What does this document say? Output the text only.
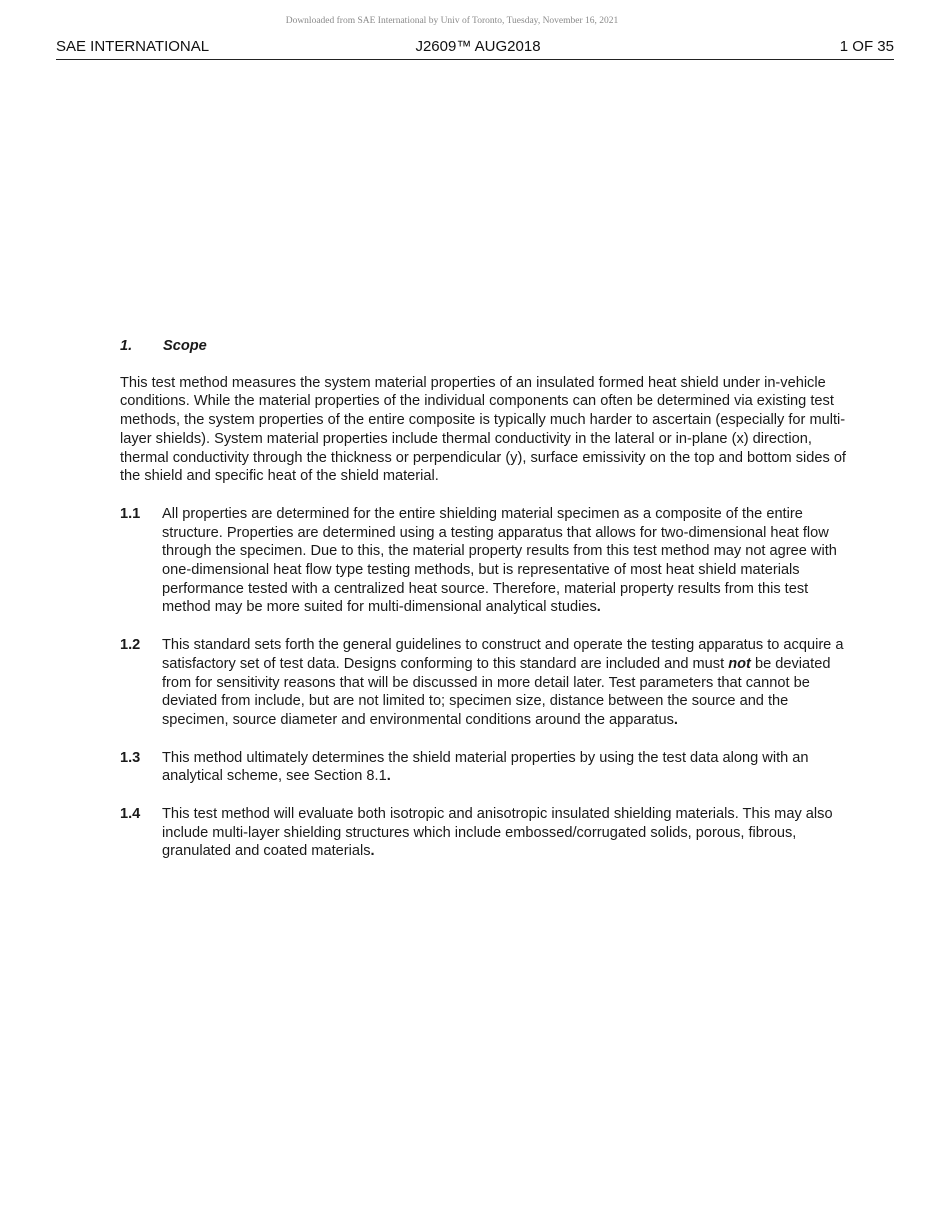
Downloaded from SAE International by Univ of Toronto, Tuesday, November 16, 2021
SAE INTERNATIONAL	J2609™ AUG2018	1 OF 35
1.	Scope

This test method measures the system material properties of an insulated formed heat shield under in-vehicle conditions. While the material properties of the individual components can often be determined via existing test methods, the system properties of the entire composite is typically much harder to ascertain (especially for multi-layer shields). System material properties include thermal conductivity in the lateral or in-plane (x) direction, thermal conductivity through the thickness or perpendicular (y), surface emissivity on the top and bottom sides of the shield and specific heat of the shield material.

1.1	All properties are determined for the entire shielding material specimen as a composite of the entire structure. Properties are determined using a testing apparatus that allows for two-dimensional heat flow through the specimen. Due to this, the material property results from this test method may not agree with one-dimensional heat flow type testing methods, but is representative of most heat shield materials performance tested with a centralized heat source. Therefore, material property results from this test method may be more suited for multi-dimensional analytical studies.
1.2	This standard sets forth the general guidelines to construct and operate the testing apparatus to acquire a satisfactory set of test data. Designs conforming to this standard are included and must not be deviated from for sensitivity reasons that will be discussed in more detail later. Test parameters that cannot be deviated from include, but are not limited to; specimen size, distance between the source and the specimen, source diameter and environmental conditions around the apparatus.
1.3	This method ultimately determines the shield material properties by using the test data along with an analytical scheme, see Section 8.1.
1.4	This test method will evaluate both isotropic and anisotropic insulated shielding materials. This may also include multi-layer shielding structures which include embossed/corrugated solids, porous, fibrous, granulated and coated materials.
